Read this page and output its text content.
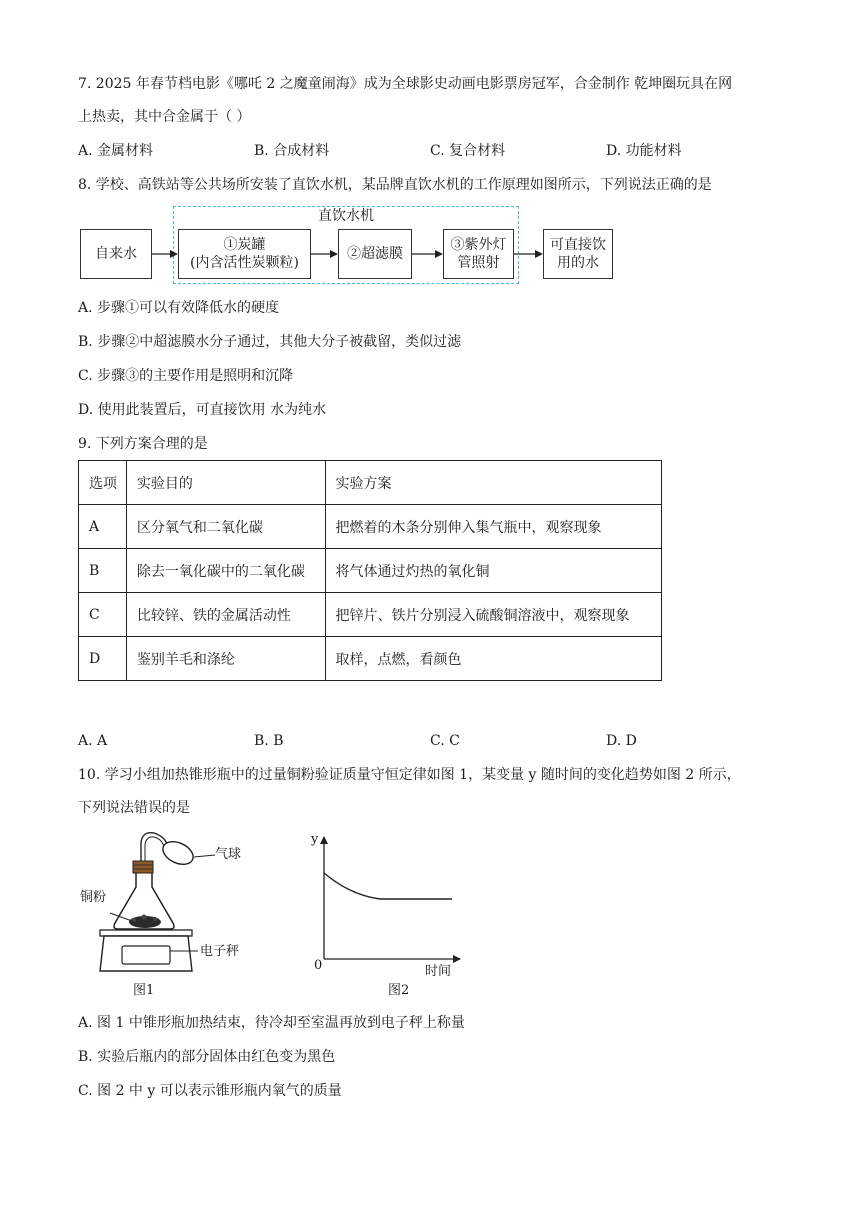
7. 2025 年春节档电影《哪吒 2 之魔童闹海》成为全球影史动画电影票房冠军，合金制作 乾坤圈玩具在网
上热卖，其中合金属于（ ）
A. 金属材料	B. 合成材料	C. 复合材料	D. 功能材料
8. 学校、高铁站等公共场所安装了直饮水机，某品牌直饮水机的工作原理如图所示，下列说法正确的是
直饮水机
自来水
①炭罐
(内含活性炭颗粒)
②超滤膜
③紫外灯
管照射
可直接饮
用的水
A. 步骤①可以有效降低水的硬度
B. 步骤②中超滤膜水分子通过，其他大分子被截留，类似过滤
C. 步骤③的主要作用是照明和沉降
D. 使用此装置后，可直接饮用 水为纯水
9. 下列方案合理的是
选项	实验目的	实验方案
A	区分氧气和二氧化碳	把燃着的木条分别伸入集气瓶中，观察现象
B	除去一氧化碳中的二氧化碳	将气体通过灼热的氧化铜
C	比较锌、铁的金属活动性	把锌片、铁片分别浸入硫酸铜溶液中，观察现象
D	鉴别羊毛和涤纶	取样，点燃，看颜色
A. A	B. B	C. C	D. D
10. 学习小组加热锥形瓶中的过量铜粉验证质量守恒定律如图 1，某变量 y 随时间的变化趋势如图 2 所示，
下列说法错误的是
气球
铜粉
电子秤
图1
y
0	时间
图2
A. 图 1 中锥形瓶加热结束，待冷却至室温再放到电子秤上称量
B. 实验后瓶内的部分固体由红色变为黑色
C. 图 2 中 y 可以表示锥形瓶内氧气的质量
